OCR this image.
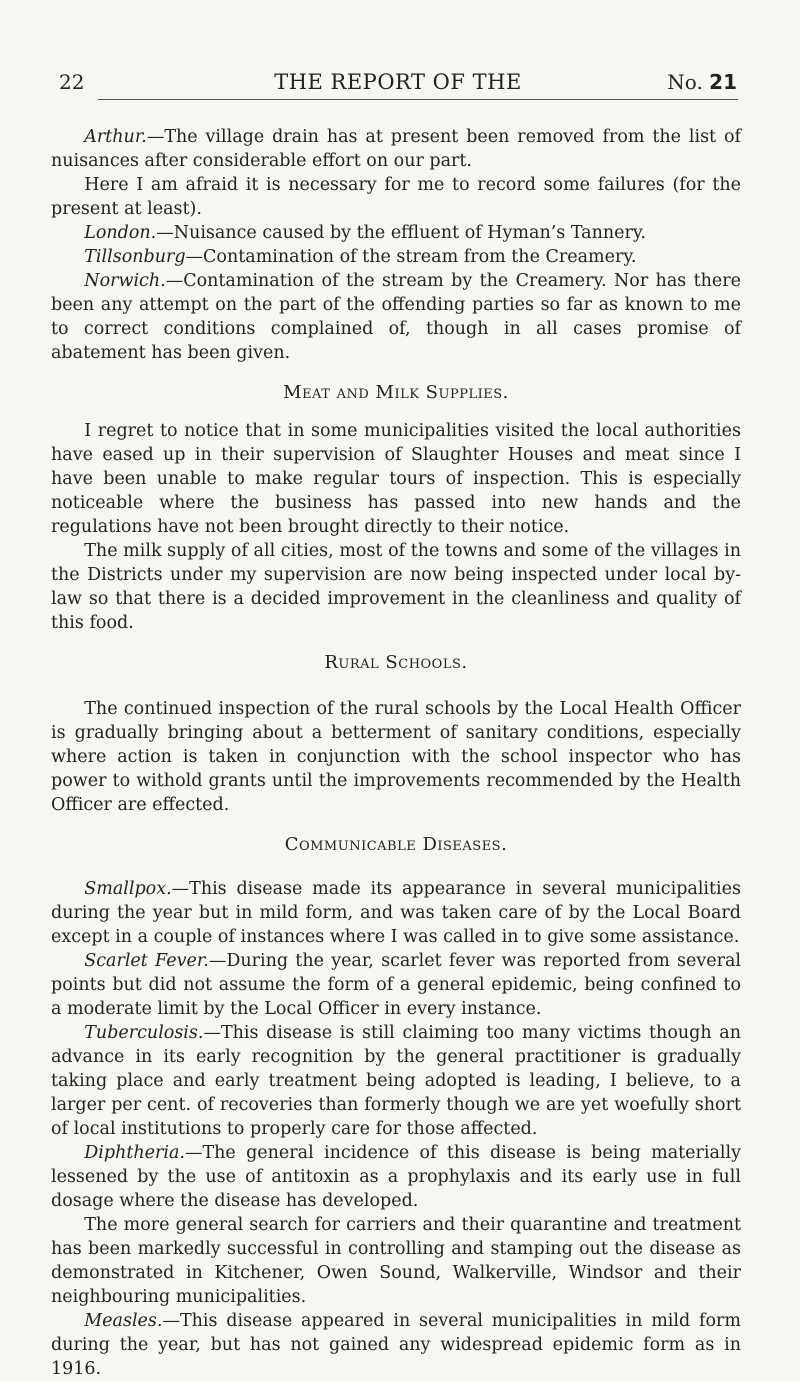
22	THE REPORT OF THE	No. 21

Arthur.—The village drain has at present been removed from the list of nuisances after considerable effort on our part.

Here I am afraid it is necessary for me to record some failures (for the present at least).

London.—Nuisance caused by the effluent of Hyman’s Tannery.

Tillsonburg—Contamination of the stream from the Creamery.

Norwich.—Contamination of the stream by the Creamery. Nor has there been any attempt on the part of the offending parties so far as known to me to correct conditions complained of, though in all cases promise of abatement has been given.

Meat and Milk Supplies.

I regret to notice that in some municipalities visited the local authorities have eased up in their supervision of Slaughter Houses and meat since I have been unable to make regular tours of inspection. This is especially noticeable where the business has passed into new hands and the regulations have not been brought directly to their notice.

The milk supply of all cities, most of the towns and some of the villages in the Districts under my supervision are now being inspected under local by-law so that there is a decided improvement in the cleanliness and quality of this food.

Rural Schools.

The continued inspection of the rural schools by the Local Health Officer is gradually bringing about a betterment of sanitary conditions, especially where action is taken in conjunction with the school inspector who has power to withold grants until the improvements recommended by the Health Officer are effected.

Communicable Diseases.

Smallpox.—This disease made its appearance in several municipalities during the year but in mild form, and was taken care of by the Local Board except in a couple of instances where I was called in to give some assistance.

Scarlet Fever.—During the year, scarlet fever was reported from several points but did not assume the form of a general epidemic, being confined to a moderate limit by the Local Officer in every instance.

Tuberculosis.—This disease is still claiming too many victims though an advance in its early recognition by the general practitioner is gradually taking place and early treatment being adopted is leading, I believe, to a larger per cent. of recoveries than formerly though we are yet woefully short of local institutions to properly care for those affected.

Diphtheria.—The general incidence of this disease is being materially lessened by the use of antitoxin as a prophylaxis and its early use in full dosage where the disease has developed.

The more general search for carriers and their quarantine and treatment has been markedly successful in controlling and stamping out the disease as demonstrated in Kitchener, Owen Sound, Walkerville, Windsor and their neighbouring municipalities.

Measles.—This disease appeared in several municipalities in mild form during the year, but has not gained any widespread epidemic form as in 1916.
